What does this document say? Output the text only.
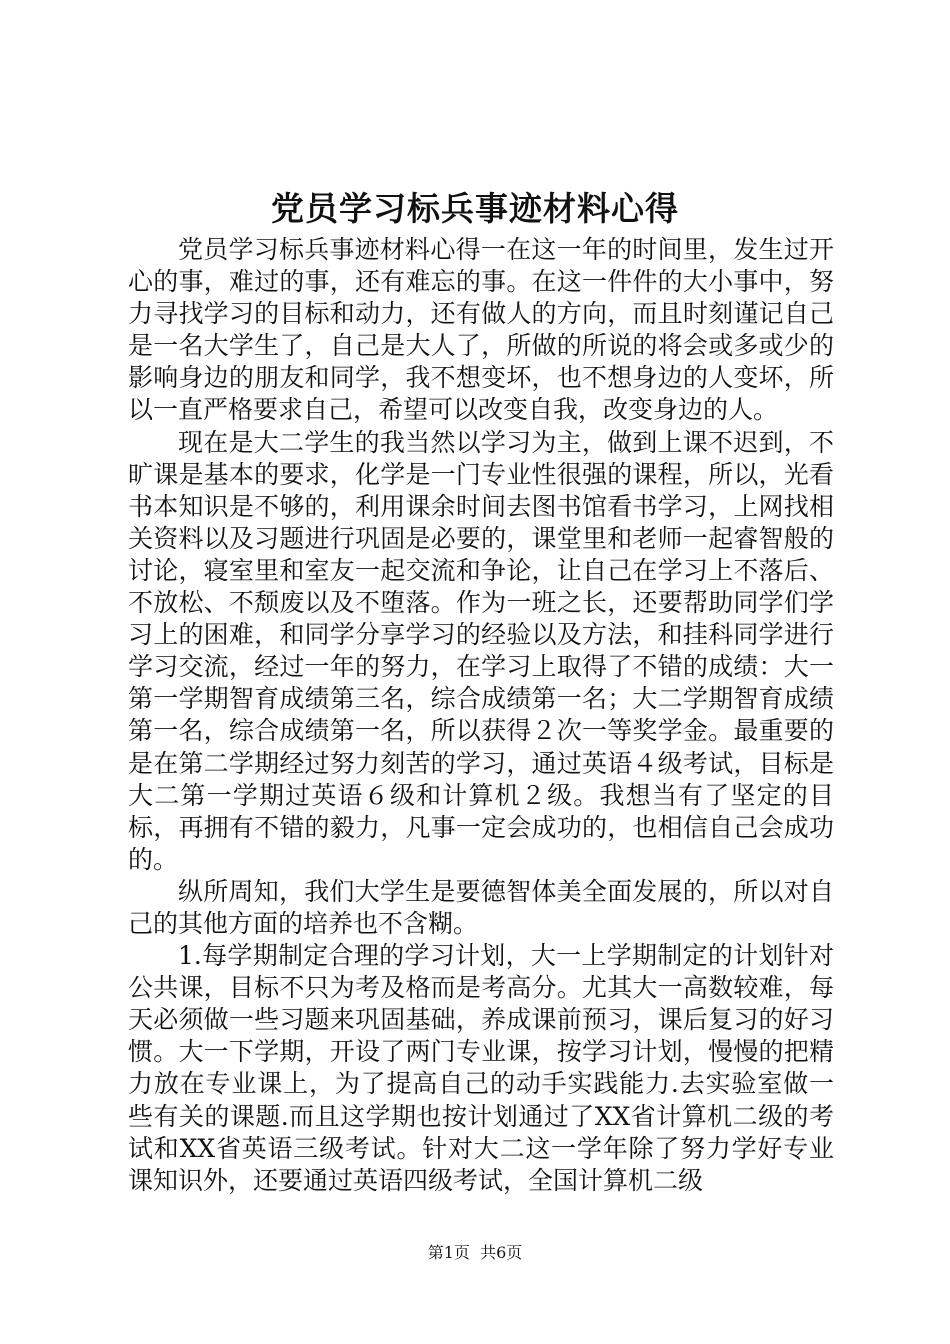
党员学习标兵事迹材料心得

党员学习标兵事迹材料心得一在这一年的时间里，发生过开心的事，难过的事，还有难忘的事。在这一件件的大小事中，努力寻找学习的目标和动力，还有做人的方向，而且时刻谨记自己是一名大学生了，自己是大人了，所做的所说的将会或多或少的影响身边的朋友和同学，我不想变坏，也不想身边的人变坏，所以一直严格要求自己，希望可以改变自我，改变身边的人。

现在是大二学生的我当然以学习为主，做到上课不迟到，不旷课是基本的要求，化学是一门专业性很强的课程，所以，光看书本知识是不够的，利用课余时间去图书馆看书学习，上网找相关资料以及习题进行巩固是必要的，课堂里和老师一起睿智般的讨论，寝室里和室友一起交流和争论，让自己在学习上不落后、不放松、不颓废以及不堕落。作为一班之长，还要帮助同学们学习上的困难，和同学分享学习的经验以及方法，和挂科同学进行学习交流，经过一年的努力，在学习上取得了不错的成绩：大一第一学期智育成绩第三名，综合成绩第一名；大二学期智育成绩第一名，综合成绩第一名，所以获得２次一等奖学金。最重要的是在第二学期经过努力刻苦的学习，通过英语４级考试，目标是大二第一学期过英语６级和计算机２级。我想当有了坚定的目标，再拥有不错的毅力，凡事一定会成功的，也相信自己会成功的。

纵所周知，我们大学生是要德智体美全面发展的，所以对自己的其他方面的培养也不含糊。

1.每学期制定合理的学习计划，大一上学期制定的计划针对公共课，目标不只为考及格而是考高分。尤其大一高数较难，每天必须做一些习题来巩固基础，养成课前预习，课后复习的好习惯。大一下学期，开设了两门专业课，按学习计划，慢慢的把精力放在专业课上，为了提高自己的动手实践能力.去实验室做一些有关的课题.而且这学期也按计划通过了XX省计算机二级的考试和XX省英语三级考试。针对大二这一学年除了努力学好专业课知识外，还要通过英语四级考试，全国计算机二级

第1页 共6页
